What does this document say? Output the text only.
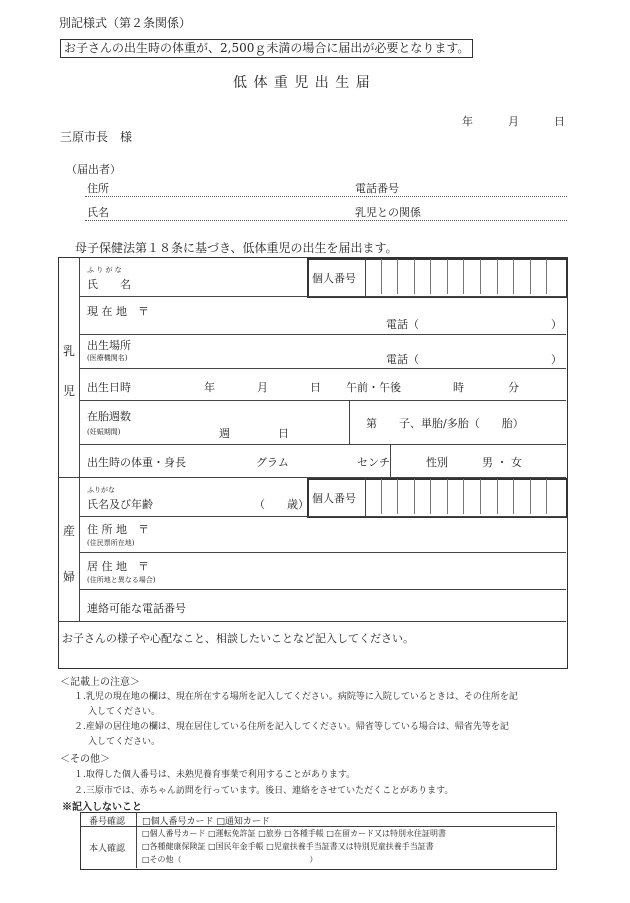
別記様式（第２条関係）
お子さんの出生時の体重が、2,500ｇ未満の場合に届出が必要となります。
低 体 重 児 出 生 届
年	月	日
三原市長　様
（届出者）
住所	電話番号
氏名	乳児との関係
母子保健法第１８条に基づき、低体重児の出生を届出ます。
乳
児
ふ り が な
氏　　名	個人番号
現 在 地　〒
電話（	）
出生場所
(医療機関名)	電話（	）
出生日時	年	月	日 午前・午後	時	分
在胎週数
(妊娠期間)	週	日
第　　子、単胎/多胎（　　胎）
出生時の体重・身長	グラム	センチ	性別	男 ・ 女
産
婦
ふりがな
氏名及び年齢	（　　歳） 個人番号
住 所 地　〒
(住民票所在地)
居 住 地　〒
(住所地と異なる場合)
連絡可能な電話番号
お子さんの様子や心配なこと、相談したいことなど記入してください。
＜記載上の注意＞
１.乳児の現在地の欄は、現在所在する場所を記入してください。病院等に入院しているときは、その住所を記
入してください。
２.産婦の居住地の欄は、現在居住している住所を記入してください。帰省等している場合は、帰省先等を記
入してください。
＜その他＞
１.取得した個人番号は、未熟児養育事業で利用することがあります。
２.三原市では、赤ちゃん訪問を行っています。後日、連絡をさせていただくことがあります。
※記入しないこと
番号確認 □個人番号カード □通知カード
本人確認
□個人番号カード □運転免許証 □旅券 □各種手帳 □在留カード又は特別永住証明書
□各種健康保険証 □国民年金手帳 □児童扶養手当証書又は特別児童扶養手当証書
□その他（　　　　　　　　　　　　　　　　）
